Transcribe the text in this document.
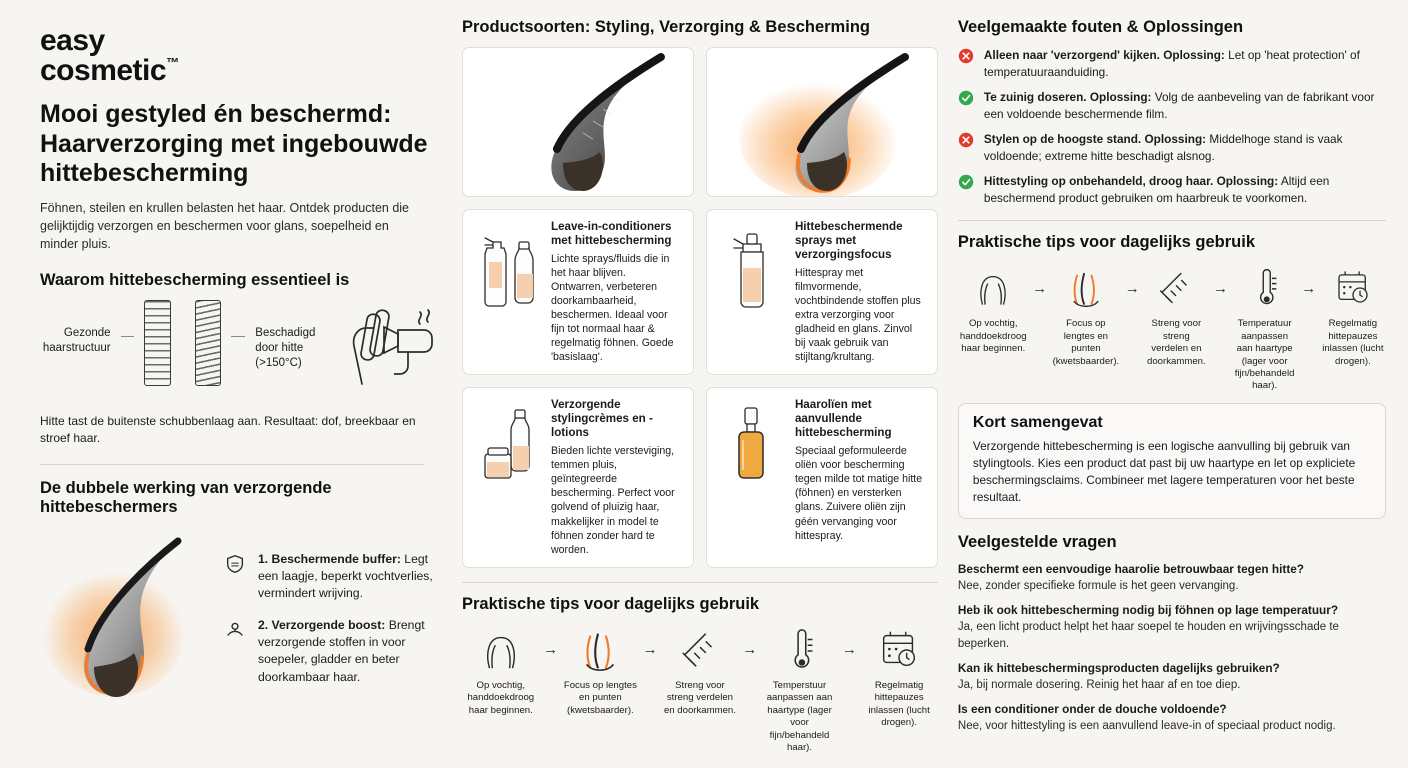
easy
cosmetic™
Mooi gestyled én beschermd: Haarverzorging met ingebouwde hittebescherming

Föhnen, steilen en krullen belasten het haar. Ontdek producten die gelijktijdig verzorgen en beschermen voor glans, soepelheid en minder pluis.

Waarom hittebescherming essentieel is
Gezonde haarstructuur
Beschadigd door hitte (>150°C)

Hitte tast de buitenste schubbenlaag aan. Resultaat: dof, breekbaar en stroef haar.

De dubbele werking van verzorgende hittebeschermers
1. Beschermende buffer: Legt een laagje, beperkt vochtverlies, vermindert wrijving.
2. Verzorgende boost: Brengt verzorgende stoffen in voor soepeler, gladder en beter doorkambaar haar.
Productsoorten: Styling, Verzorging & Bescherming
Leave-in-conditioners met hittebescherming
Lichte sprays/fluids die in het haar blijven. Ontwarren, verbeteren doorkambaarheid, beschermen. Ideaal voor fijn tot normaal haar & regelmatig föhnen. Goede 'basislaag'.
Hittebeschermende sprays met verzorgingsfocus
Hittespray met filmvormende, vochtbindende stoffen plus extra verzorging voor gladheid en glans. Zinvol bij vaak gebruik van stijltang/krultang.
Verzorgende stylingcrèmes en -lotions
Bieden lichte versteviging, temmen pluis, geïntegreerde bescherming. Perfect voor golvend of pluizig haar, makkelijker in model te föhnen zonder hard te worden.
Haarolïen met aanvullende hittebescherming
Speciaal geformuleerde oliën voor bescherming tegen milde tot matige hitte (föhnen) en versterken glans. Zuivere oliën zijn géén vervanging voor hittespray.
Praktische tips voor dagelijks gebruik
Op vochtig, handdoekdroog haar beginnen.
→
Focus op lengtes en punten (kwetsbaarder).
→
Streng voor streng verdelen en doorkammen.
→
Temperstuur aanpassen aan haartype (lager voor fijn/behandeld haar).
→
Regelmatig hittepauzes inlassen (lucht drogen).
Veelgemaakte fouten & Oplossingen
Alleen naar 'verzorgend' kijken. Oplossing: Let op 'heat protection' of temperatuuraanduiding.
Te zuinig doseren. Oplossing: Volg de aanbeveling van de fabrikant voor een voldoende beschermende film.
Stylen op de hoogste stand. Oplossing: Middelhoge stand is vaak voldoende; extreme hitte beschadigt alsnog.
Hittestyling op onbehandeld, droog haar. Oplossing: Altijd een beschermend product gebruiken om haarbreuk te voorkomen.
Praktische tips voor dagelijks gebruik
Op vochtig, handdoekdroog haar beginnen.
→
Focus op lengtes en punten (kwetsbaarder).
→
Streng voor streng verdelen en doorkammen.
→
Temperatuur aanpassen aan haartype (lager voor fijn/behandeld haar).
→
Regelmatig hittepauzes inlassen (lucht drogen).
Kort samengevat

Verzorgende hittebescherming is een logische aanvulling bij gebruik van stylingtools. Kies een product dat past bij uw haartype en let op expliciete beschermingsclaims. Combineer met lagere temperaturen voor het beste resultaat.

Veelgestelde vragen

Beschermt een eenvoudige haarolie betrouwbaar tegen hitte?

Nee, zonder specifieke formule is het geen vervanging.

Heb ik ook hittebescherming nodig bij föhnen op lage temperatuur?

Ja, een licht product helpt het haar soepel te houden en wrijvingsschade te beperken.

Kan ik hittebeschermingsproducten dagelijks gebruiken?

Ja, bij normale dosering. Reinig het haar af en toe diep.

Is een conditioner onder de douche voldoende?

Nee, voor hittestyling is een aanvullend leave-in of speciaal product nodig.
